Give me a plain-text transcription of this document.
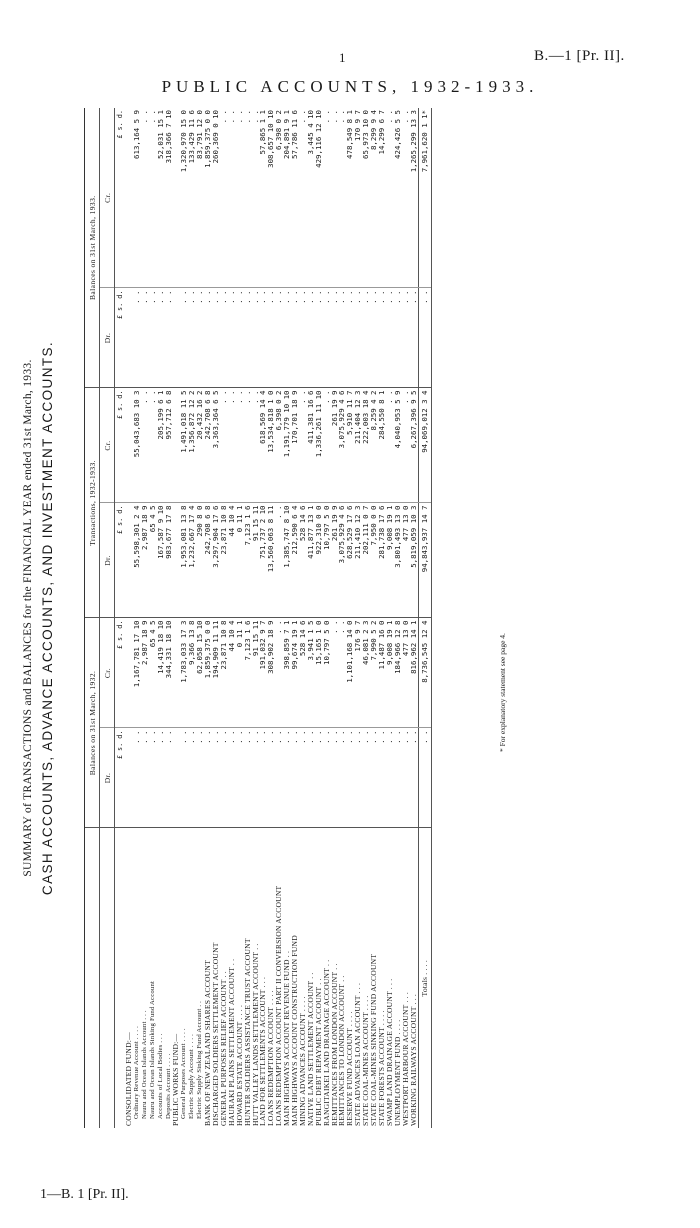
1	B.—1 [Pr. II].
PUBLIC ACCOUNTS, 1932-1933.
SUMMARY of TRANSACTIONS and BALANCES for the FINANCIAL YEAR ended 31st March, 1933. CASH ACCOUNTS, ADVANCE ACCOUNTS, AND INVESTMENT ACCOUNTS.
		Balances on 31st March, 1932.		Transactions, 1932-1933.		Balances on 31st March, 1933.	
	Dr.	Cr.	Dr.	Cr.	Dr.	Cr.
	£ s. d.	£ s. d.	£ s. d.	£ s. d.	£ s. d.	£ s. d.
CONSOLIDATED FUND:—						
Ordinary Revenue Account . . . .	. .	1,167,781 17 10	55,598,301 2 4	55,043,683 10 3	. .	613,164 5 9
Nauru and Ocean Islands Account . . .	. .	2,987 18 9	2,987 18 9	. .	. .	. .
Nauru and Ocean Islands Sinking Fund Account	. .	65 4 5	65 4 5	. .	. .	. .
Accounts of Local Bodies . . .	. .	14,419 18 10	167,587 9 10	205,199 6 1	. .	52,031 15 1
Deposits Account . . . .	. .	344,331 18 10	983,677 17 8	957,712 6 8	. .	318,366 7 10
PUBLIC WORKS FUND:—						
General Purposes Account . . . .	. .	1,783,033 17 3	1,953,081 13 8	1,491,018 11 5	. .	1,320,970 15 0
Electric Supply Account . . . .	. .	9,366 13 8	1,232,667 17 4	1,356,872 12 2	. .	133,429 11 6
Electric Supply Sinking Fund Account . .	. .	62,058 15 10	290 8 0	20,432 16 2	. .	83,791 12 0
BANK OF NEW ZEALAND SHARES ACCOUNT	. .	1,859,375 0 0	242,708 6 8	242,708 6 8	. .	1,859,375 0 0
DISCHARGED SOLDIERS SETTLEMENT ACCOUNT	. .	194,909 11 11	3,297,904 17 6	3,363,364 6 5	. .	260,369 0 10
GENERAL PURPOSES RELIEF ACCOUNT . .	. .	23,871 10 8	23,871 10 8	. .	. .	. .
HAURAKI PLAINS SETTLEMENT ACCOUNT . .	. .	44 10 4	44 10 4	. .	. .	. .
HOWARD ESTATE ACCOUNT . . . .	. .	0 11 1	0 11 1	. .	. .	. .
HUNTER SOLDIERS ASSISTANCE TRUST ACCOUNT	. .	7,123 1 6	7,123 1 6	. .	. .	. .
HUTT VALLEY LANDS SETTLEMENT ACCOUNT . .	. .	91 15 11	91 15 11	. .	. .	. .
LAND FOR SETTLEMENTS ACCOUNT . . .	. .	191,032 9 7	751,737 2 10	618,569 14 4	. .	57,865 1 1
LOANS REDEMPTION ACCOUNT . . . .	. .	308,902 18 9	13,560,063 8 11	13,534,818 1 0	. .	308,657 10 10
LOANS REDEMPTION ACCOUNT PART II CONVERSION ACCOUNT	. .	. .	. .	6,398 0 2	. .	6,398 0 2
MAIN HIGHWAYS ACCOUNT REVENUE FUND . .	. .	398,859 7 1	1,385,747 8 10	1,191,779 10 10	. .	204,891 9 1
MAIN HIGHWAYS ACCOUNT CONSTRUCTION FUND	. .	99,674 19 1	212,590 6 4	170,701 18 9	. .	57,786 11 6
MINING ADVANCES ACCOUNT . . . .	. .	528 14 6	528 14 6	. .	. .	. .
NATIVE LAND SETTLEMENT ACCOUNT . .	. .	3,941 1 5	411,877 13 1	411,381 16 6	. .	3,445 4 10
PUBLIC DEBT REPAYMENT ACCOUNT . .	. .	15,165 1 0	922,310 0 0	1,336,261 11 10	. .	429,116 12 10
RANGITAIKEI LAND DRAINAGE ACCOUNT . .	. .	10,797 5 0	10,797 5 0	. .	. .	. .
REMITTANCES FROM LONDON ACCOUNT . .	. .	. .	261 19 9	261 19 9	. .	. .
REMITTANCES TO LONDON ACCOUNT . .	. .	. .	3,075,929 4 6	3,075,929 4 6	. .	. .
RESERVE FUND ACCOUNT . . . .	. .	1,101,168 14 0	628,529 17 6	5,910 11 7	. .	478,549 8 1
STATE ADVANCES LOAN ACCOUNT . . .	. .	176 9 7	211,410 12 3	211,404 12 3	. .	170 9 7
STATE COAL-MINES ACCOUNT . . . .	. .	46,081 2 3	202,111 0 7	222,003 18 4	. .	65,973 10 0
STATE COAL-MINES SINKING FUND ACCOUNT	. .	7,990 5 2	7,950 0 0	8,259 4 2	. .	8,299 9 4
STATE FORESTS ACCOUNT . . . .	. .	11,487 16 0	281,738 17 6	284,550 8 1	. .	14,299 6 7
SWAMP LAND DRAINAGE ACCOUNT . . .	. .	9,008 19 1	9,008 19 1	. .	. .	. .
UNEMPLOYMENT FUND . . . .	. .	184,966 12 8	3,801,493 13 0	4,040,953 5 9	. .	424,426 5 5
WESTPORT HARBOUR ACCOUNT . . .	. .	477 13 0	477 13 0	. .	. .	. .
WORKING RAILWAYS ACCOUNT . . .	. .	816,962 14 1	5,819,059 10 3	6,267,396 9 5	. .	1,265,299 13 3
Totals . . . .	. .	8,736,545 12 4	94,843,937 14 7	94,069,012 3 4	. .	7,961,620 1 1*
* For explanatory statement see page 4.
1—B. 1 [Pr. II].
